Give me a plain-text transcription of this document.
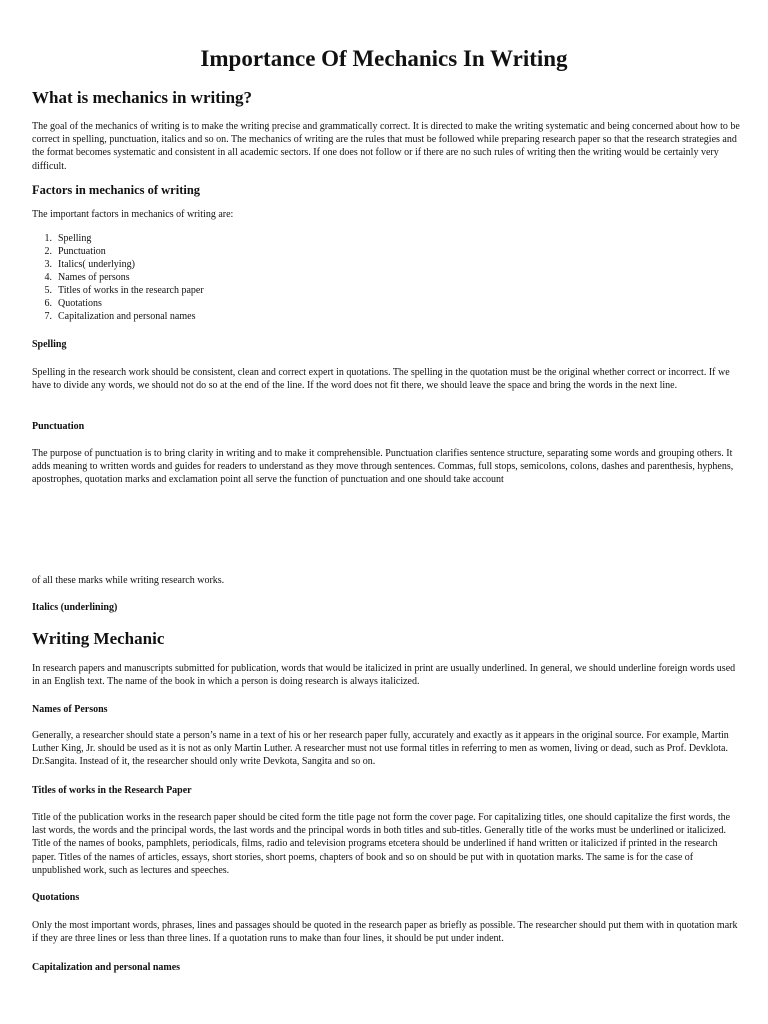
Importance Of Mechanics In Writing
What is mechanics in writing?

The goal of the mechanics of writing is to make the writing precise and grammatically correct. It is directed to make the writing systematic and being concerned about how to be correct in spelling, punctuation, italics and so on. The mechanics of writing are the rules that must be followed while preparing research paper so that the research strategies and the format becomes systematic and consistent in all academic sectors. If one does not follow or if there are no such rules of writing then the writing would be certainly very difficult.

Factors in mechanics of writing

The important factors in mechanics of writing are:

1. Spelling
2. Punctuation
3. Italics( underlying)
4. Names of persons
5. Titles of works in the research paper
6. Quotations
7. Capitalization and personal names
Spelling

Spelling in the research work should be consistent, clean and correct expert in quotations. The spelling in the quotation must be the original whether correct or incorrect. If we have to divide any words, we should not do so at the end of the line. If the word does not fit there, we should leave the space and bring the words in the next line.

Punctuation

The purpose of punctuation is to bring clarity in writing and to make it comprehensible. Punctuation clarifies sentence structure, separating some words and grouping others. It adds meaning to written words and guides for readers to understand as they move through sentences. Commas, full stops, semicolons, colons, dashes and parenthesis, hyphens, apostrophes, quotation marks and exclamation point all serve the function of punctuation and one should take account

of all these marks while writing research works.

Italics (underlining)
Writing Mechanic

In research papers and manuscripts submitted for publication, words that would be italicized in print are usually underlined. In general, we should underline foreign words used in an English text. The name of the book in which a person is doing research is always italicized.

Names of Persons

Generally, a researcher should state a person’s name in a text of his or her research paper fully, accurately and exactly as it appears in the original source. For example, Martin Luther King, Jr. should be used as it is not as only Martin Luther. A researcher must not use formal titles in referring to men as women, living or dead, such as Prof. Devklota. Dr.Sangita. Instead of it, the researcher should only write Devkota, Sangita and so on.

Titles of works in the Research Paper

Title of the publication works in the research paper should be cited form the title page not form the cover page. For capitalizing titles, one should capitalize the first words, the last words, the words and the principal words, the last words and the principal words in both titles and sub-titles. Generally title of the works must be underlined or italicized. Title of the names of books, pamphlets, periodicals, films, radio and television programs etcetera should be underlined if hand written or italicized if printed in the research paper. Titles of the names of articles, essays, short stories, short poems, chapters of book and so on should be put with in quotation marks. The same is for the case of unpublished work, such as lectures and speeches.

Quotations

Only the most important words, phrases, lines and passages should be quoted in the research paper as briefly as possible. The researcher should put them with in quotation mark if they are three lines or less than three lines. If a quotation runs to make than four lines, it should be put under indent.

Capitalization and personal names
